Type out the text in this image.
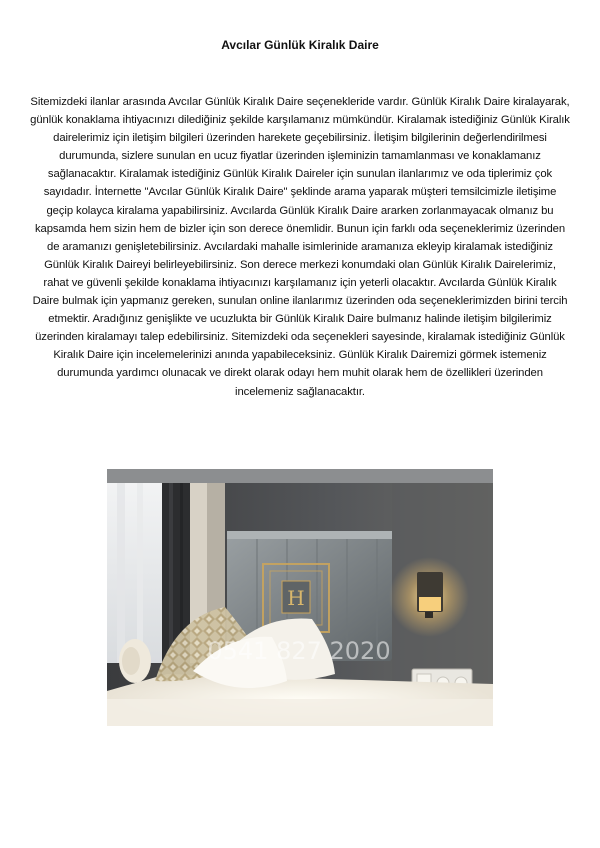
Avcılar Günlük Kiralık Daire
Sitemizdeki ilanlar arasında Avcılar Günlük Kiralık Daire seçenekleride vardır. Günlük Kiralık Daire kiralayarak, günlük konaklama ihtiyacınızı dilediğiniz şekilde karşılamanız mümkündür. Kiralamak istediğiniz Günlük Kiralık dairelerimiz için iletişim bilgileri üzerinden harekete geçebilirsiniz. İletişim bilgilerinin değerlendirilmesi durumunda, sizlere sunulan en ucuz fiyatlar üzerinden işleminizin tamamlanması ve konaklamanız sağlanacaktır. Kiralamak istediğiniz Günlük Kiralık Daireler için sunulan ilanlarımız ve oda tiplerimiz çok sayıdadır. İnternette "Avcılar Günlük Kiralık Daire" şeklinde arama yaparak müşteri temsilcimizle iletişime geçip kolayca kiralama yapabilirsiniz. Avcılarda Günlük Kiralık Daire ararken zorlanmayacak olmanız bu kapsamda hem sizin hem de bizler için son derece önemlidir. Bunun için farklı oda seçeneklerimiz üzerinden de aramanızı genişletebilirsiniz. Avcılardaki mahalle isimlerinide aramanıza ekleyip kiralamak istediğiniz Günlük Kiralık Daireyi belirleyebilirsiniz. Son derece merkezi konumdaki olan Günlük Kiralık Dairelerimiz, rahat ve güvenli şekilde konaklama ihtiyacınızı karşılamanız için yeterli olacaktır. Avcılarda Günlük Kiralık Daire bulmak için yapmanız gereken, sunulan online ilanlarımız üzerinden oda seçeneklerimizden birini tercih etmektir. Aradığınız genişlikte ve ucuzlukta bir Günlük Kiralık Daire bulmanız halinde iletişim bilgilerimiz üzerinden kiralamayı talep edebilirsiniz. Sitemizdeki oda seçenekleri sayesinde, kiralamak istediğiniz Günlük Kiralık Daire için incelemelerinizi anında yapabileceksiniz. Günlük Kiralık Dairemizi görmek istemeniz durumunda yardımcı olunacak ve direkt olarak odayı hem muhit olarak hem de özellikleri üzerinden incelemeniz sağlanacaktır.
H
0541 827 2020
